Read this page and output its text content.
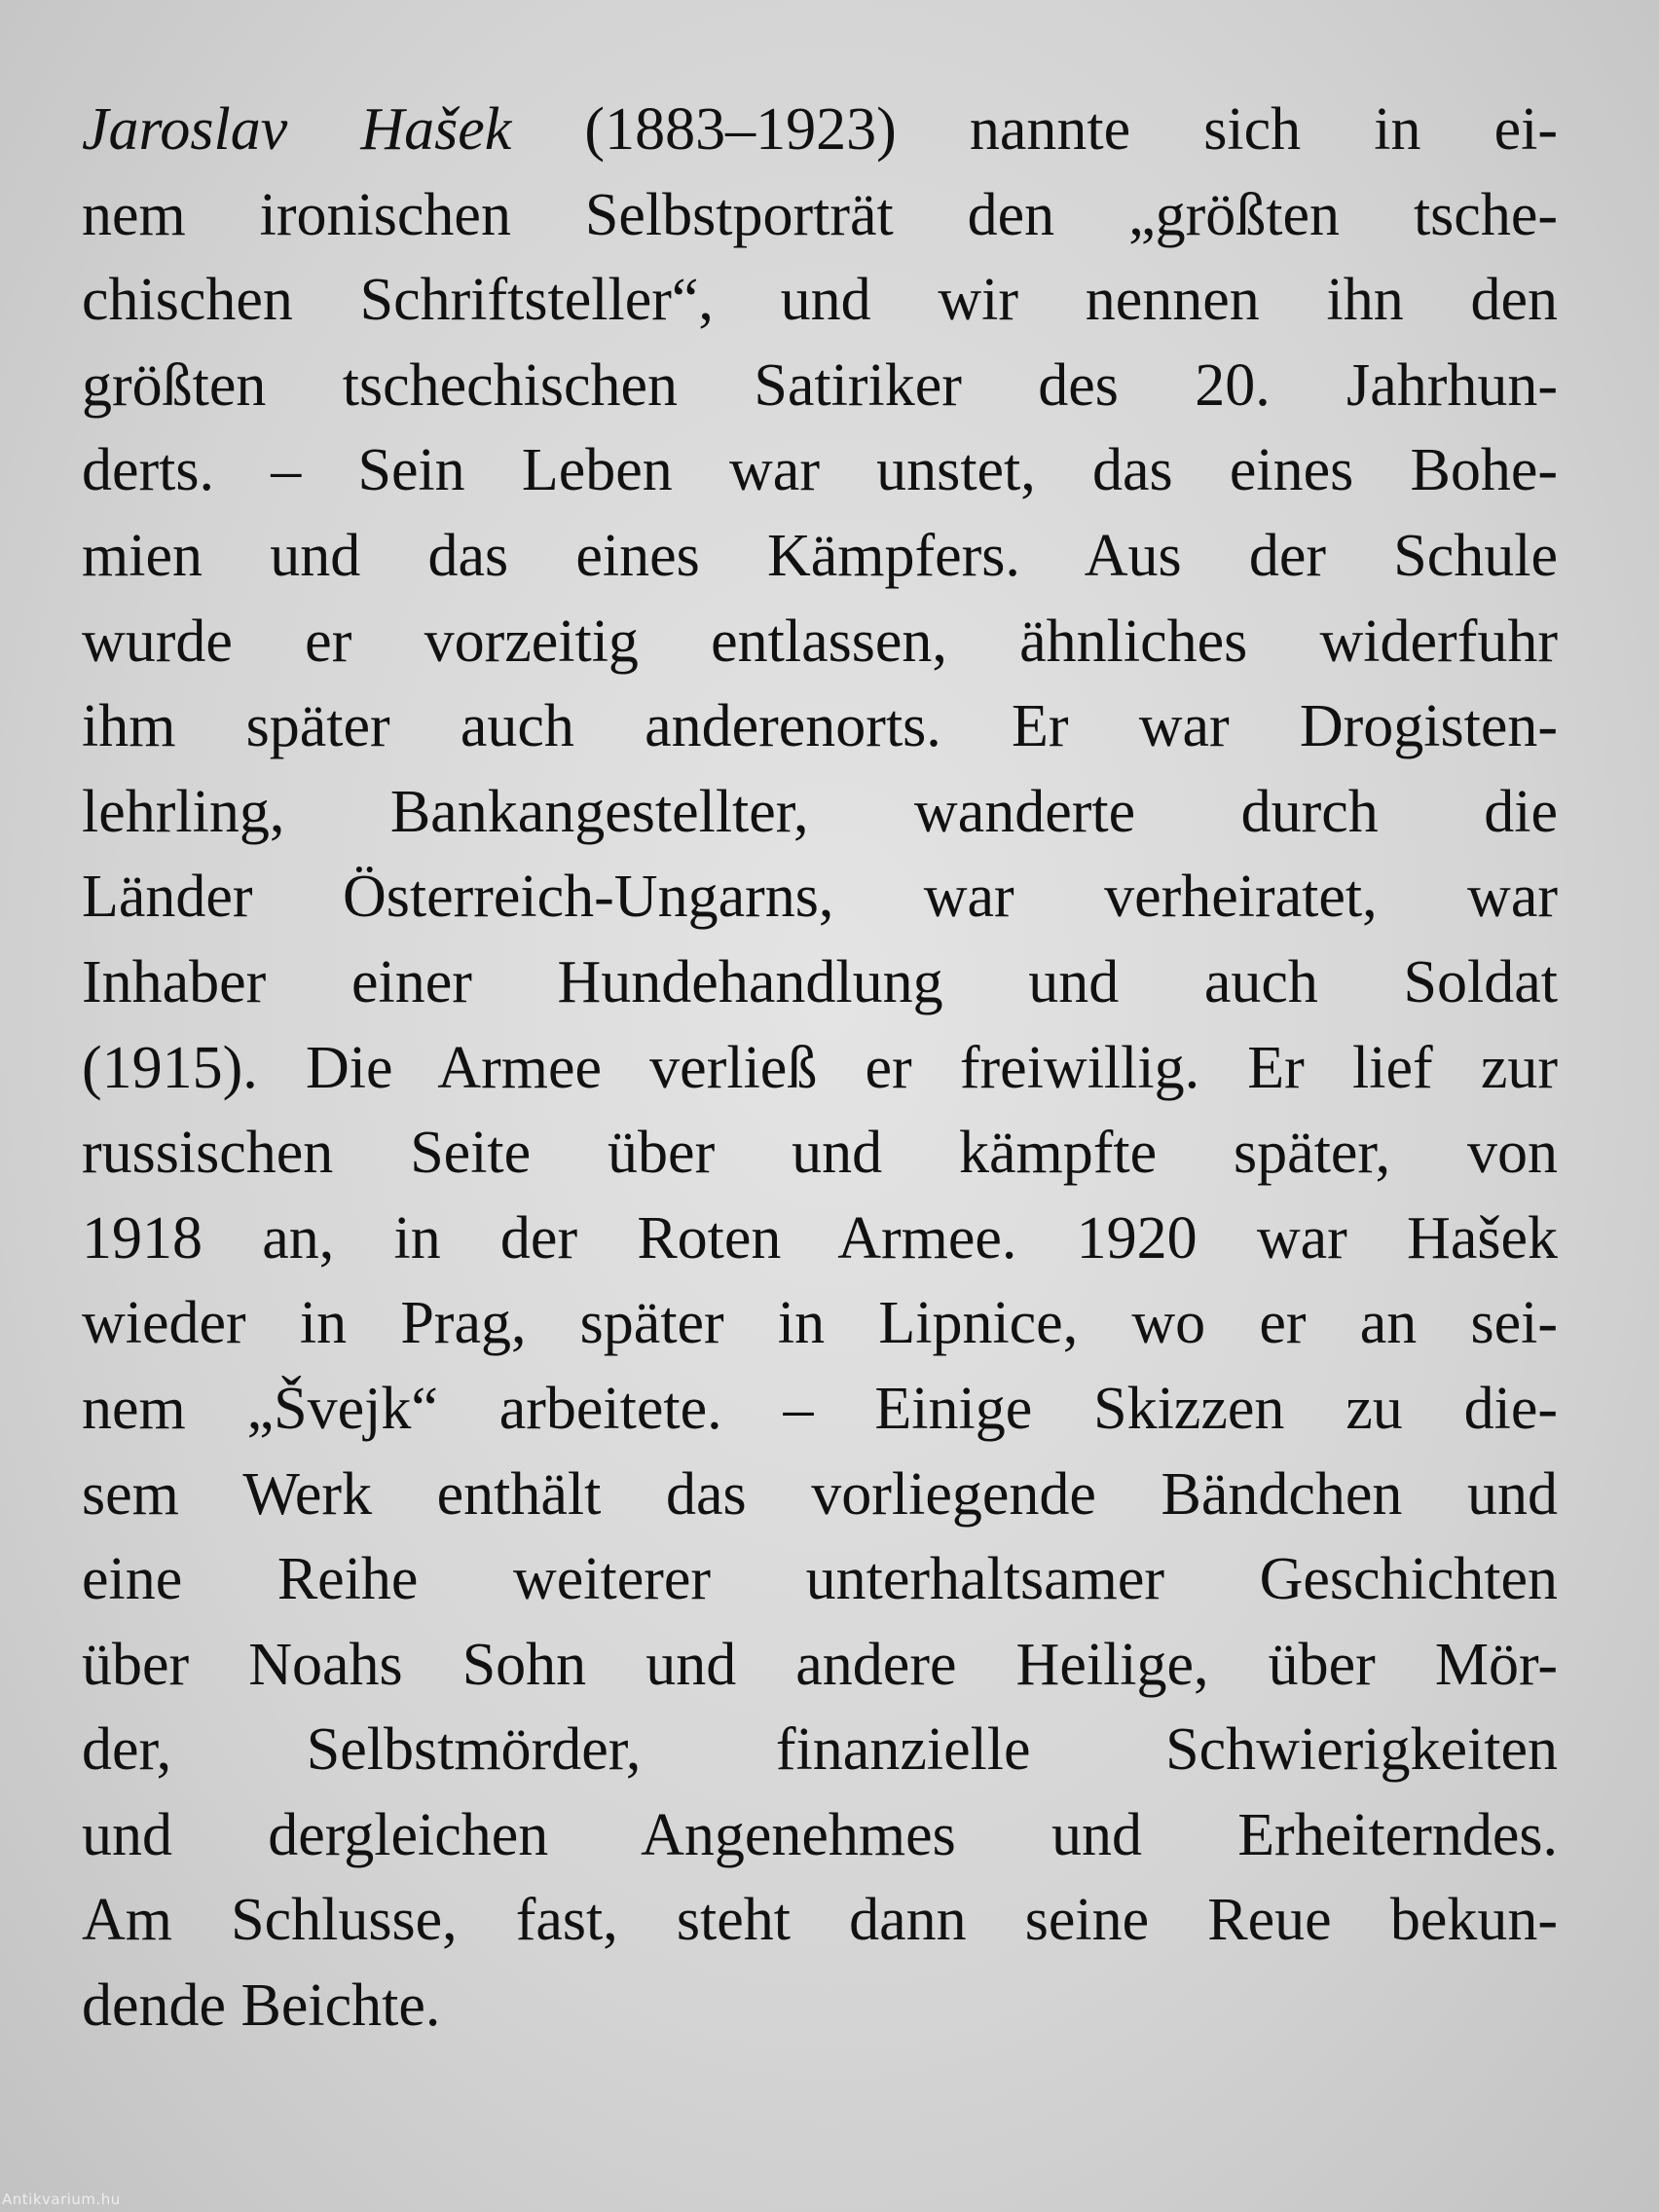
Jaroslav Hašek (1883–1923) nannte sich in ei-
nem ironischen Selbstporträt den „größten tsche-
chischen Schriftsteller“, und wir nennen ihn den
größten tschechischen Satiriker des 20. Jahrhun-
derts. – Sein Leben war unstet, das eines Bohe-
mien und das eines Kämpfers. Aus der Schule
wurde er vorzeitig entlassen, ähnliches widerfuhr
ihm später auch anderenorts. Er war Drogisten-
lehrling, Bankangestellter, wanderte durch die
Länder Österreich-Ungarns, war verheiratet, war
Inhaber einer Hundehandlung und auch Soldat
(1915). Die Armee verließ er freiwillig. Er lief zur
russischen Seite über und kämpfte später, von
1918 an, in der Roten Armee. 1920 war Hašek
wieder in Prag, später in Lipnice, wo er an sei-
nem „Švejk“ arbeitete. – Einige Skizzen zu die-
sem Werk enthält das vorliegende Bändchen und
eine Reihe weiterer unterhaltsamer Geschichten
über Noahs Sohn und andere Heilige, über Mör-
der, Selbstmörder, finanzielle Schwierigkeiten
und dergleichen Angenehmes und Erheiterndes.
Am Schlusse, fast, steht dann seine Reue bekun-
dende Beichte.
Antikvarium.hu
